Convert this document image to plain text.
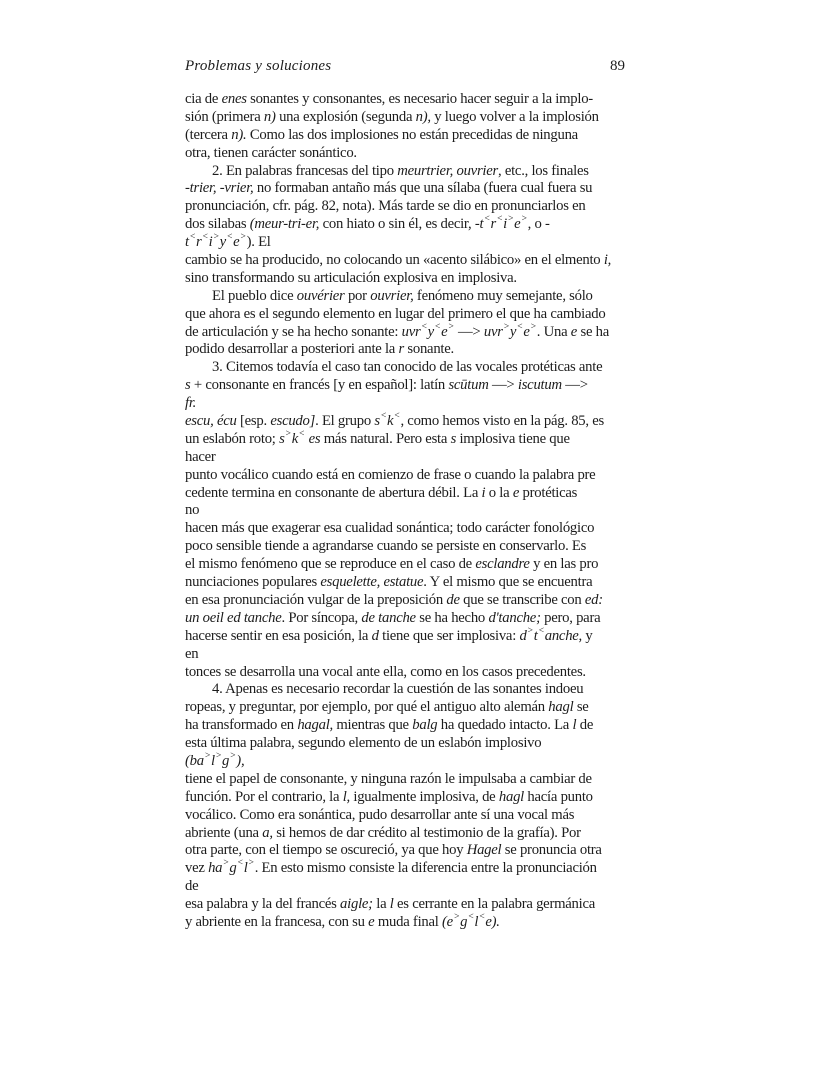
Problemas y soluciones	89
cia de enes sonantes y consonantes, es necesario hacer seguir a la implo-
sión (primera n) una explosión (segunda n), y luego volver a la implosión
(tercera n). Como las dos implosiones no están precedidas de ninguna
otra, tienen carácter sonántico.
2. En palabras francesas del tipo meurtrier, ouvrier, etc., los finales
-trier, -vrier, no formaban antaño más que una sílaba (fuera cual fuera su
pronunciación, cfr. pág. 82, nota). Más tarde se dio en pronunciarlos en
dos silabas (meur-tri-er, con hiato o sin él, es decir, -t<r<i>e>, o -
t<r<i>y<e>). El
cambio se ha producido, no colocando un «acento silábico» en el elmento i,
sino transformando su articulación explosiva en implosiva.
El pueblo dice ouvérier por ouvrier, fenómeno muy semejante, sólo
que ahora es el segundo elemento en lugar del primero el que ha cambiado
de articulación y se ha hecho sonante: uvr<y<e> —> uvr>y<e>. Una e se ha
podido desarrollar a posteriori ante la r sonante.
3. Citemos todavía el caso tan conocido de las vocales protéticas ante
s + consonante en francés [y en español]: latín scūtum —> iscutum —>
fr.
escu, écu [esp. escudo]. El grupo s<k<, como hemos visto en la pág. 85, es
un eslabón roto; s>k< es más natural. Pero esta s implosiva tiene que
hacer
punto vocálico cuando está en comienzo de frase o cuando la palabra pre
cedente termina en consonante de abertura débil. La i o la e protéticas
no
hacen más que exagerar esa cualidad sonántica; todo carácter fonológico
poco sensible tiende a agrandarse cuando se persiste en conservarlo. Es
el mismo fenómeno que se reproduce en el caso de esclandre y en las pro
nunciaciones populares esquelette, estatue. Y el mismo que se encuentra
en esa pronunciación vulgar de la preposición de que se transcribe con ed:
un oeil ed tanche. Por síncopa, de tanche se ha hecho d'tanche; pero, para
hacerse sentir en esa posición, la d tiene que ser implosiva: d>t<anche, y
en
tonces se desarrolla una vocal ante ella, como en los casos precedentes.
4. Apenas es necesario recordar la cuestión de las sonantes indoeu
ropeas, y preguntar, por ejemplo, por qué el antiguo alto alemán hagl se
ha transformado en hagal, mientras que balg ha quedado intacto. La l de
esta última palabra, segundo elemento de un eslabón implosivo
(ba>l>g>),
tiene el papel de consonante, y ninguna razón le impulsaba a cambiar de
función. Por el contrario, la l, igualmente implosiva, de hagl hacía punto
vocálico. Como era sonántica, pudo desarrollar ante sí una vocal más
abriente (una a, si hemos de dar crédito al testimonio de la grafía). Por
otra parte, con el tiempo se oscureció, ya que hoy Hagel se pronuncia otra
vez ha>g<l>. En esto mismo consiste la diferencia entre la pronunciación
de
esa palabra y la del francés aigle; la l es cerrante en la palabra germánica
y abriente en la francesa, con su e muda final (e>g<l<e).
